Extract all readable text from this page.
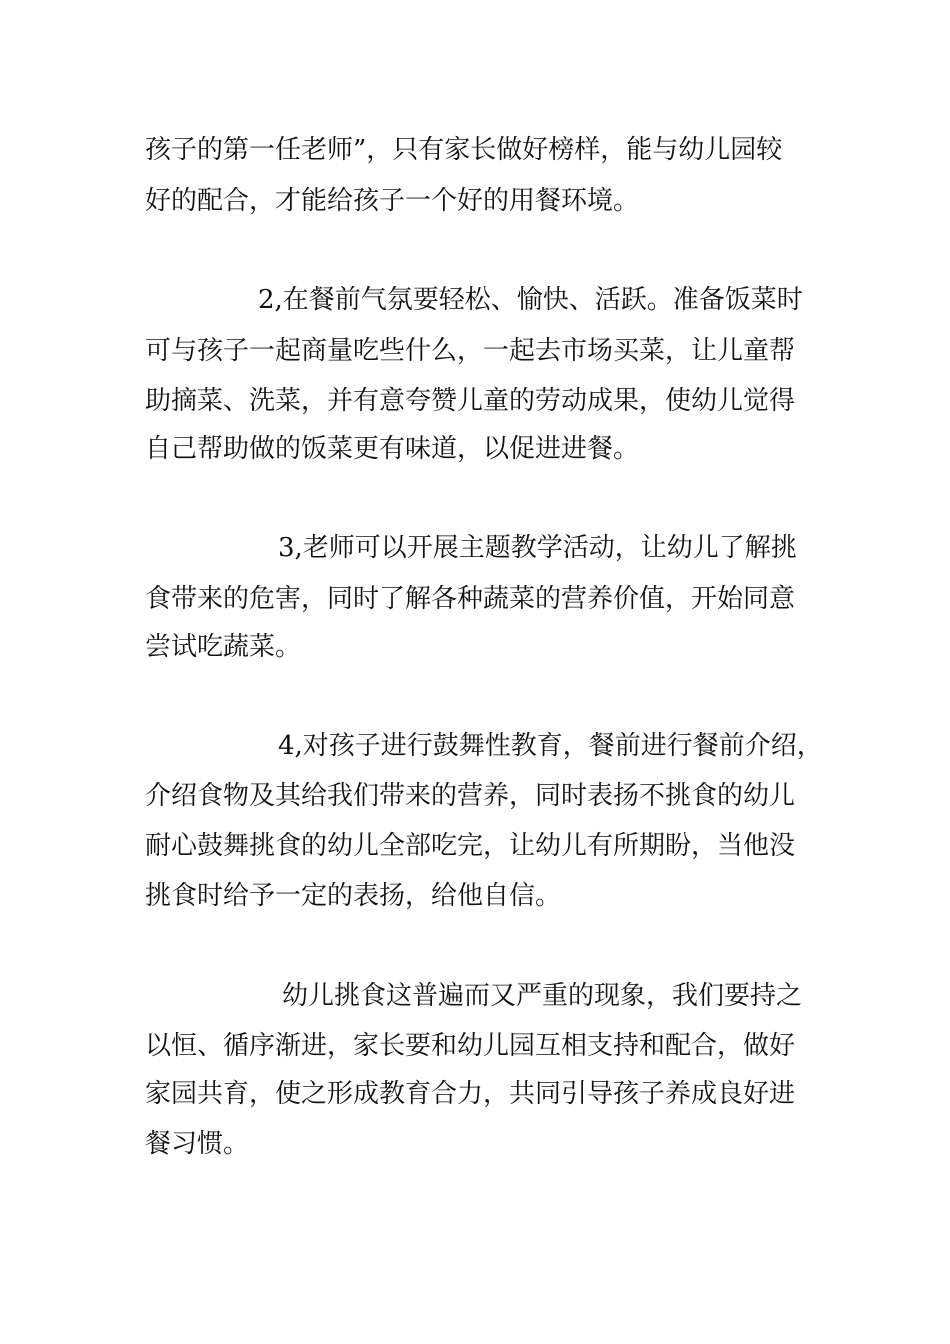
孩子的第一任老师”，只有家长做好榜样，能与幼儿园较

好的配合，才能给孩子一个好的用餐环境。

2,在餐前气氛要轻松、愉快、活跃。准备饭菜时

可与孩子一起商量吃些什么，一起去市场买菜，让儿童帮

助摘菜、洗菜，并有意夸赞儿童的劳动成果，使幼儿觉得

自己帮助做的饭菜更有味道，以促进进餐。

3,老师可以开展主题教学活动，让幼儿了解挑

食带来的危害，同时了解各种蔬菜的营养价值，开始同意

尝试吃蔬菜。

4,对孩子进行鼓舞性教育，餐前进行餐前介绍，

介绍食物及其给我们带来的营养，同时表扬不挑食的幼儿

耐心鼓舞挑食的幼儿全部吃完，让幼儿有所期盼，当他没

挑食时给予一定的表扬，给他自信。

幼儿挑食这普遍而又严重的现象，我们要持之

以恒、循序渐进，家长要和幼儿园互相支持和配合，做好

家园共育，使之形成教育合力，共同引导孩子养成良好进

餐习惯。
